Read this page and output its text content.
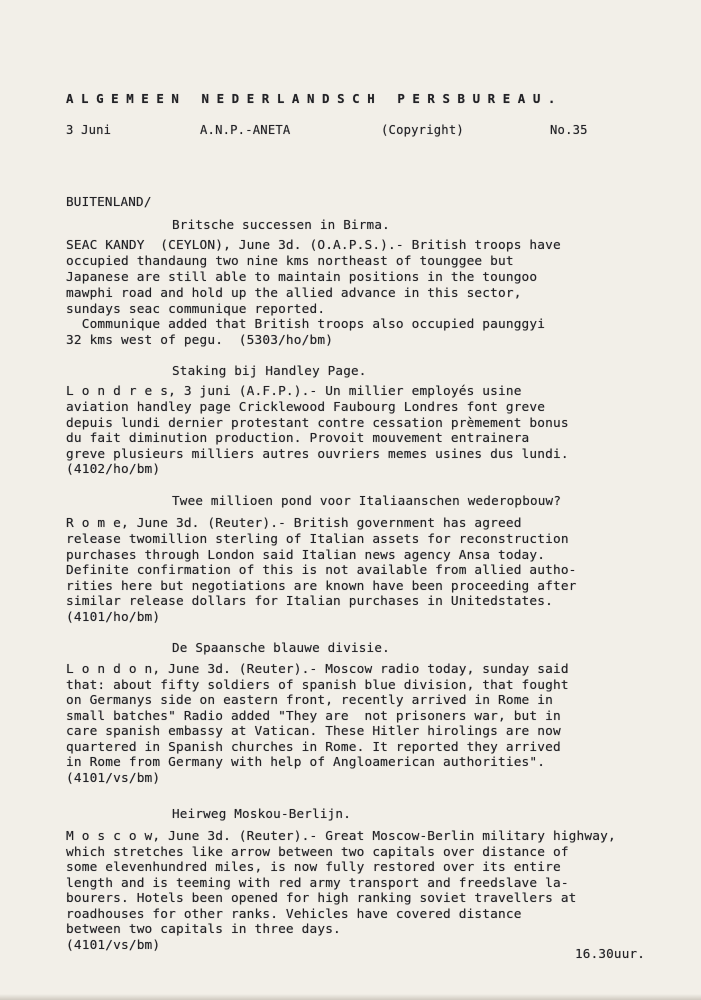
ALGEMEEN NEDERLANDSCH PERSBUREAU.
3 Juni	A.N.P.-ANETA	(Copyright)	No.35
BUITENLAND/
Britsche successen in Birma.
SEAC KANDY  (CEYLON), June 3d. (O.A.P.S.).- British troops have
occupied thandaung two nine kms northeast of tounggee but
Japanese are still able to maintain positions in the toungoo
mawphi road and hold up the allied advance in this sector,
sundays seac communique reported.
Communique added that British troops also occupied paunggyi
32 kms west of pegu.  (5303/ho/bm)
Staking bij Handley Page.
L o n d r e s, 3 juni (A.F.P.).- Un millier employés usine
aviation handley page Cricklewood Faubourg Londres font greve
depuis lundi dernier protestant contre cessation prèmement bonus
du fait diminution production. Provoit mouvement entrainera
greve plusieurs milliers autres ouvriers memes usines dus lundi.
(4102/ho/bm)
Twee millioen pond voor Italiaanschen wederopbouw?
R o m e, June 3d. (Reuter).- British government has agreed
release twomillion sterling of Italian assets for reconstruction
purchases through London said Italian news agency Ansa today.
Definite confirmation of this is not available from allied autho-
rities here but negotiations are known have been proceeding after
similar release dollars for Italian purchases in Unitedstates.
(4101/ho/bm)
De Spaansche blauwe divisie.
L o n d o n, June 3d. (Reuter).- Moscow radio today, sunday said
that: about fifty soldiers of spanish blue division, that fought
on Germanys side on eastern front, recently arrived in Rome in
small batches" Radio added "They are  not prisoners war, but in
care spanish embassy at Vatican. These Hitler hirolings are now
quartered in Spanish churches in Rome. It reported they arrived
in Rome from Germany with help of Angloamerican authorities".
(4101/vs/bm)
Heirweg Moskou-Berlijn.
M o s c o w, June 3d. (Reuter).- Great Moscow-Berlin military highway,
which stretches like arrow between two capitals over distance of
some elevenhundred miles, is now fully restored over its entire
length and is teeming with red army transport and freedslave la-
bourers. Hotels been opened for high ranking soviet travellers at
roadhouses for other ranks. Vehicles have covered distance
between two capitals in three days.
(4101/vs/bm)
16.30uur.
